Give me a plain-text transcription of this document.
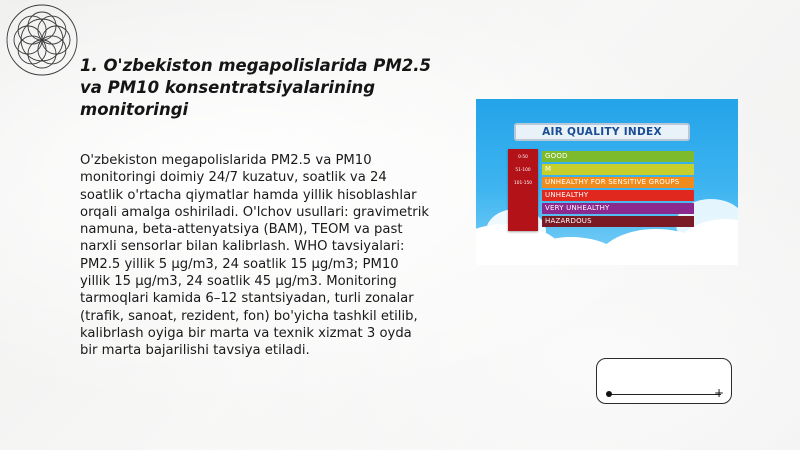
1. O'zbekiston megapolislarida PM2.5 va PM10 konsentratsiyalarining monitoringi

O'zbekiston megapolislarida PM2.5 va PM10 monitoringi doimiy 24/7 kuzatuv, soatlik va 24 soatlik o'rtacha qiymatlar hamda yillik hisoblashlar orqali amalga oshiriladi. O'lchov usullari: gravimetrik namuna, beta-attenyatsiya (BAM), TEOM va past narxli sensorlar bilan kalibrlash. WHO tavsiyalari: PM2.5 yillik 5 µg/m3, 24 soatlik 15 µg/m3; PM10 yillik 15 µg/m3, 24 soatlik 45 µg/m3. Monitoring tarmoqlari kamida 6–12 stantsiyadan, turli zonalar (trafik, sanoat, rezident, fon) bo'yicha tashkil etilib, kalibrlash oyiga bir marta va texnik xizmat 3 oyda bir marta bajarilishi tavsiya etiladi.

AIR QUALITY INDEX
0-50
51-100
101-150
GOOD
M
UNHEALTHY FOR SENSITIVE GROUPS
UNHEALTHY
VERY UNHEALTHY
HAZARDOUS
+
